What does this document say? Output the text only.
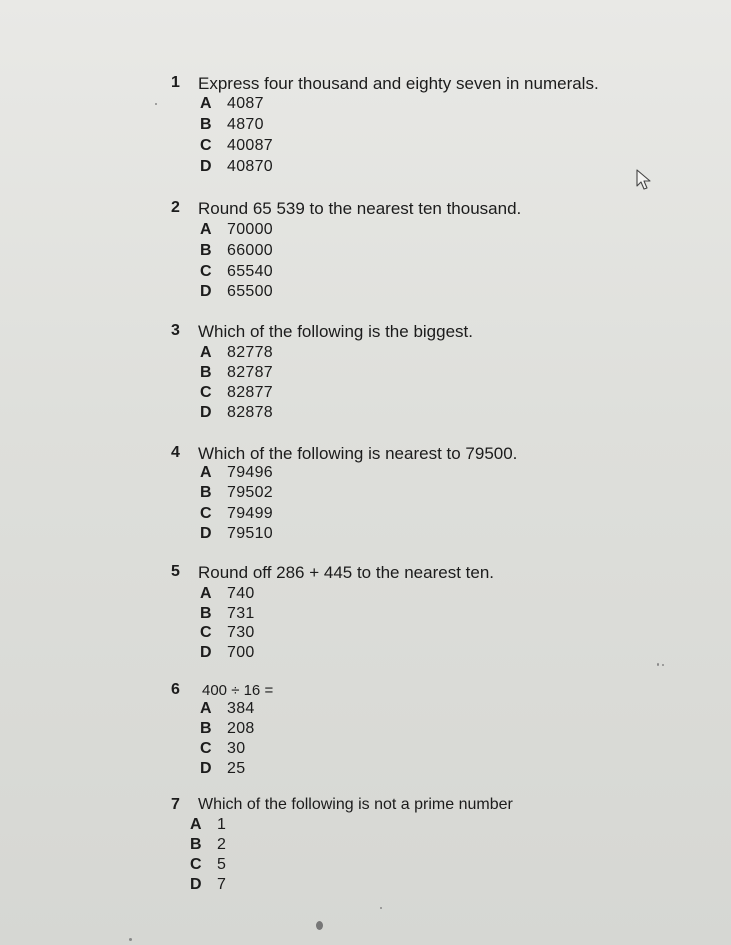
1 Express four thousand and eighty seven in numerals.
A 4087
B 4870
C 40087
D 40870
2 Round 65 539 to the nearest ten thousand.
A 70000
B 66000
C 65540
D 65500
3 Which of the following is the biggest.
A 82778
B 82787
C 82877
D 82878
4 Which of the following is nearest to 79500.
A 79496
B 79502
C 79499
D 79510
5 Round off 286 + 445 to the nearest ten.
A 740
B 731
C 730
D 700
6 400 ÷ 16 =
A 384
B 208
C 30
D 25
7 Which of the following is not a prime number
A 1
B 2
C 5
D 7
